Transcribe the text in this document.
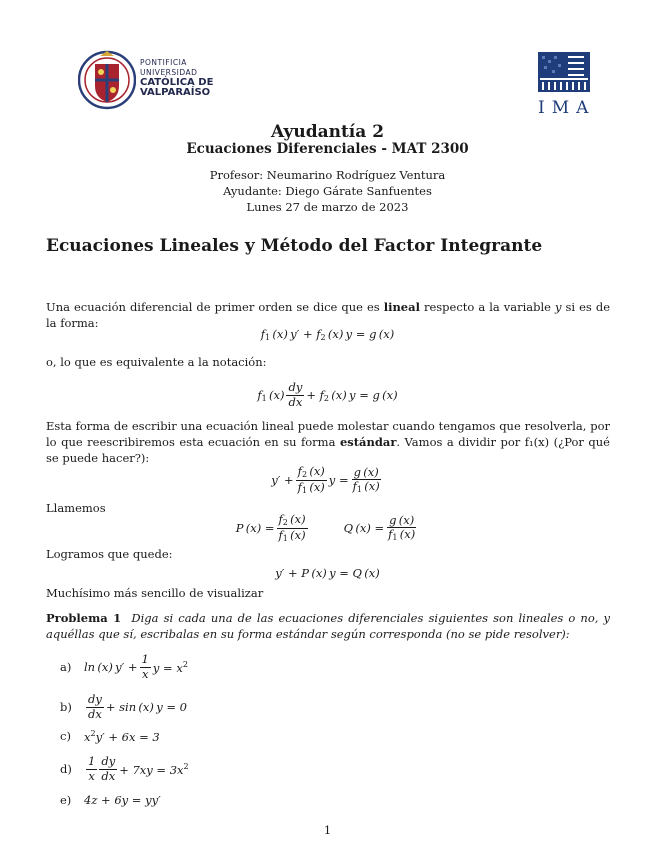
PONTIFICIA
UNIVERSIDAD
CATÓLICA DE
VALPARAÍSO
IMA
Ayudantía 2
Ecuaciones Diferenciales - MAT 2300
Profesor: Neumarino Rodríguez Ventura
Ayudante: Diego Gárate Sanfuentes
Lunes 27 de marzo de 2023
Ecuaciones Lineales y Método del Factor Integrante

Una ecuación diferencial de primer orden se dice que es lineal respecto a la variable y si es de la forma:

$f_1$ (x) $y' + f_2$ (x) y = g (x)

o, lo que es equivalente a la notación:

$f_1$ $(x) \frac{dy}{dx} + f_2$ (x) y = g (x)

Esta forma de escribir una ecuación lineal puede molestar cuando tengamos que resolverla, por lo que reescribiremos esta ecuación en su forma estándar. Vamos a dividir por f₁(x) (¿Por qué se puede hacer?):

$y' + \frac{f_2 (x)}{f_1 (x)}$ $y = \frac{g (x)}{f_1 (x)}$

Llamemos

P $(x) = \frac{f_2 (x)}{f_1 (x)}$	Q $(x) = \frac{g (x)}{f_1 (x)}$

Logramos que quede:

y′ + P (x) y = Q (x)

Muchísimo más sencillo de visualizar

Problema 1 Diga si cada una de las ecuaciones diferenciales siguientes son lineales o no, y aquéllas que sí, escribalas en su forma estándar según corresponda (no se pide resolver):

a)	ln (x) $y' + \frac{1}{x}$ $y = x^2$
b)	$\frac{dy}{dx} + \sin (x) y = 0$
c)	$x^2y' + 6x = 3$
d)	$\frac{1}{x} \frac{dy}{dx} + 7xy = 3x^2$
e)	4z + 6y = yy′
1
